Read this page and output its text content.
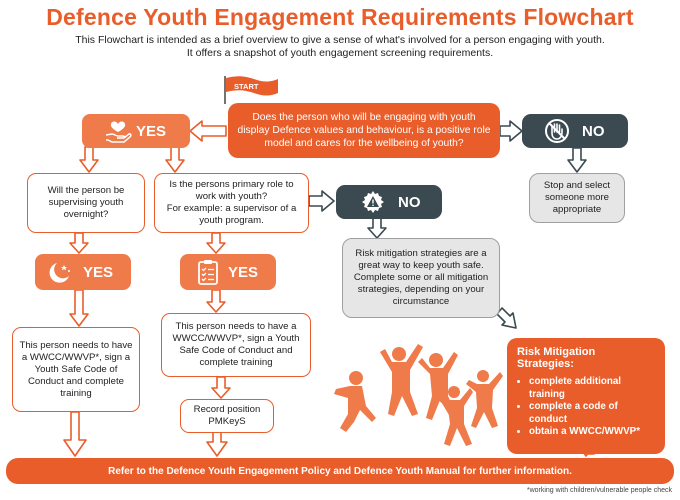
Defence Youth Engagement Requirements Flowchart
This Flowchart is intended as a brief overview to give a sense of what's involved for a person engaging with youth.
It offers a snapshot of youth engagement screening requirements.
START
Does the person who will be engaging with youth display Defence values and behaviour, is a positive role model and cares for the wellbeing of youth?
YES	NO
Stop and select someone more appropriate
Will the person be supervising youth overnight?
Is the persons primary role to work with youth?
For example: a supervisor of a youth program.
NO
Risk mitigation strategies are a great way to keep youth safe. Complete some or all mitigation strategies, depending on your circumstance
YES	YES
This person needs to have a WWCC/WWVP*, sign a Youth Safe Code of Conduct and complete training
This person needs to have a WWCC/WWVP*, sign a Youth Safe Code of Conduct and complete training
Record position
PMKeyS
Risk Mitigation Strategies:
• complete additional training
• complete a code of conduct
• obtain a WWCC/WWVP*
Refer to the Defence Youth Engagement Policy and Defence Youth Manual for further information.
*working with children/vulnerable people check
